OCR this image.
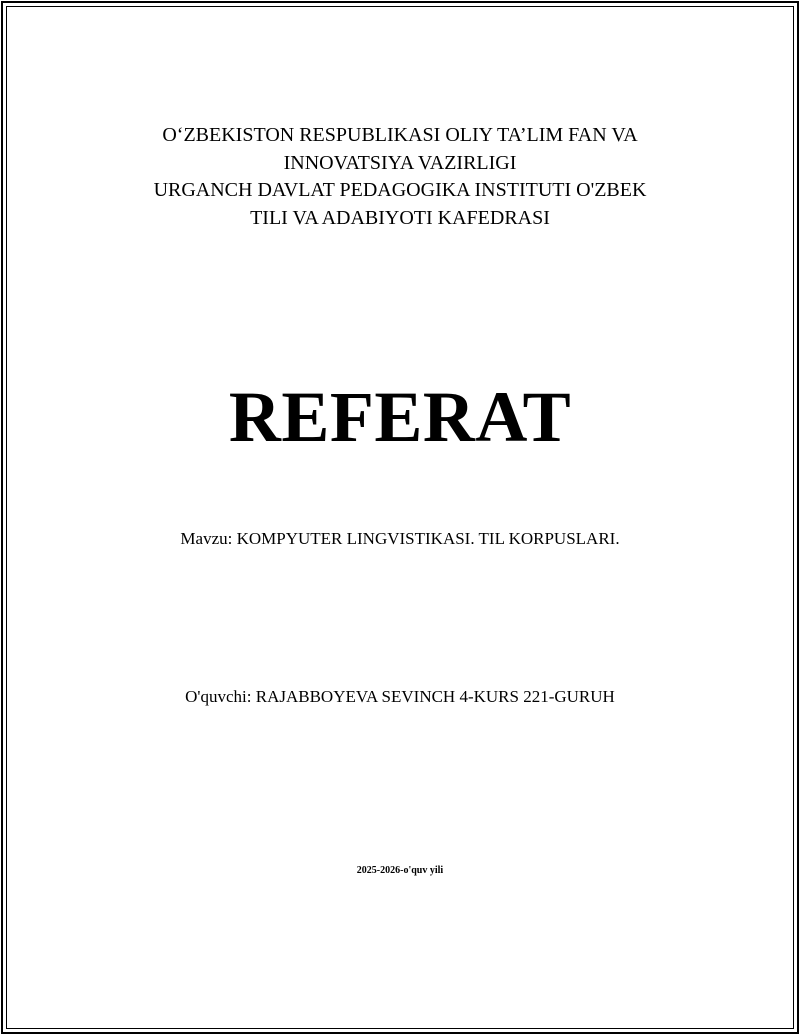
O‘ZBEKISTON RESPUBLIKASI OLIY TA’LIM FAN VA
INNOVATSIYA VAZIRLIGI
URGANCH DAVLAT PEDAGOGIKA INSTITUTI O'ZBEK
TILI VA ADABIYOTI KAFEDRASI
REFERAT
Mavzu: KOMPYUTER LINGVISTIKASI. TIL KORPUSLARI.
O'quvchi: RAJABBOYEVA SEVINCH 4-KURS 221-GURUH
2025-2026-o'quv yili
